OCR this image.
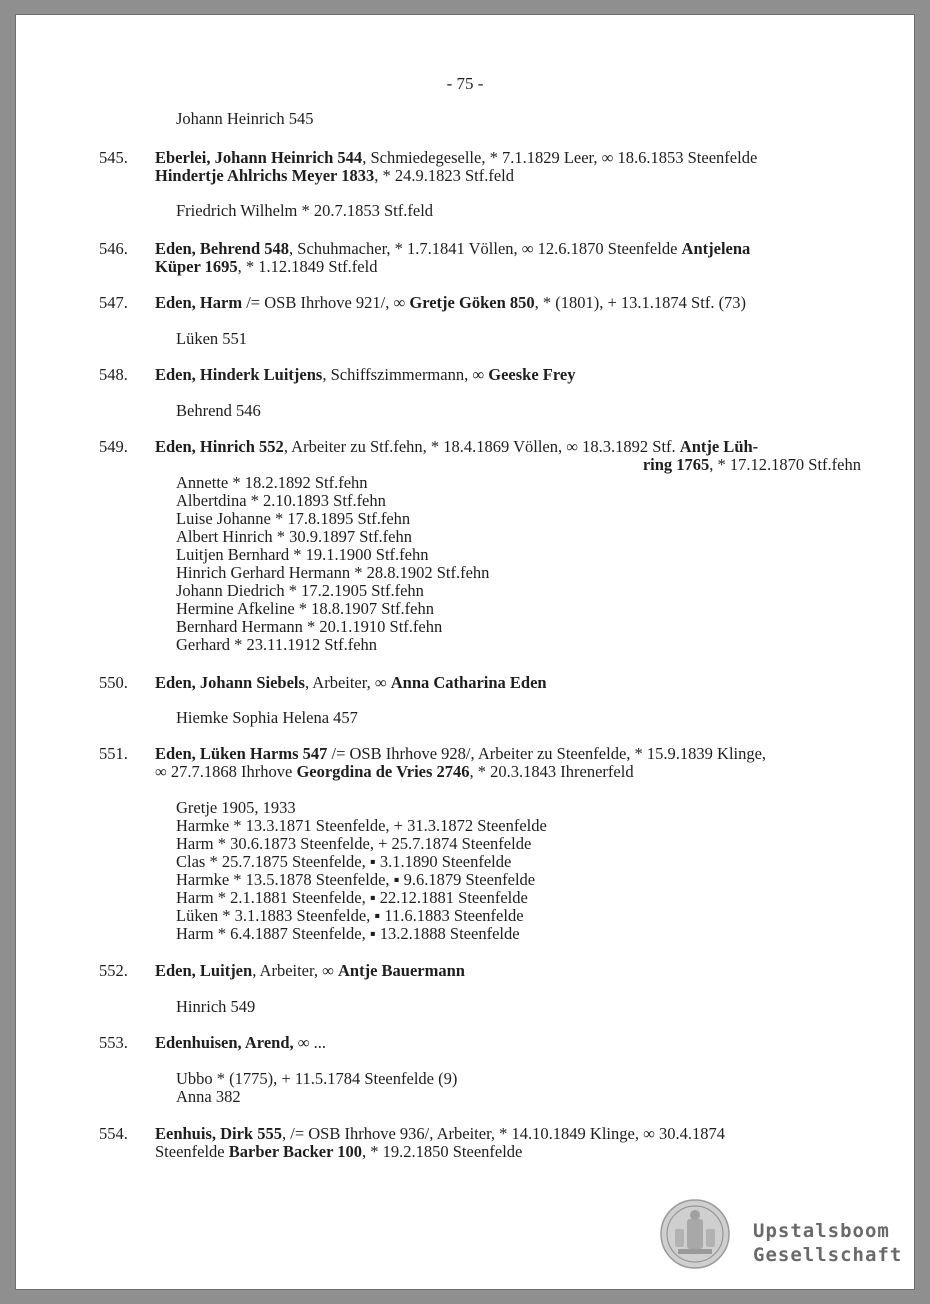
- 75 -
Johann Heinrich 545
545. Eberlei, Johann Heinrich 544, Schmiedegeselle, * 7.1.1829 Leer, ∞ 18.6.1853 Steenfelde
Hindertje Ahlrichs Meyer 1833, * 24.9.1823 Stf.feld
Friedrich Wilhelm * 20.7.1853 Stf.feld
546. Eden, Behrend 548, Schuhmacher, * 1.7.1841 Völlen, ∞ 12.6.1870 Steenfelde Antjelena
Küper 1695, * 1.12.1849 Stf.feld
547. Eden, Harm /= OSB Ihrhove 921/, ∞ Gretje Göken 850, * (1801), + 13.1.1874 Stf. (73)
Lüken 551
548. Eden, Hinderk Luitjens, Schiffszimmermann, ∞ Geeske Frey
Behrend 546
549. Eden, Hinrich 552, Arbeiter zu Stf.fehn, * 18.4.1869 Völlen, ∞ 18.3.1892 Stf. Antje Lüh-
ring 1765, * 17.12.1870 Stf.fehn
Annette * 18.2.1892 Stf.fehn
Albertdina * 2.10.1893 Stf.fehn
Luise Johanne * 17.8.1895 Stf.fehn
Albert Hinrich * 30.9.1897 Stf.fehn
Luitjen Bernhard * 19.1.1900 Stf.fehn
Hinrich Gerhard Hermann * 28.8.1902 Stf.fehn
Johann Diedrich * 17.2.1905 Stf.fehn
Hermine Afkeline * 18.8.1907 Stf.fehn
Bernhard Hermann * 20.1.1910 Stf.fehn
Gerhard * 23.11.1912 Stf.fehn
550. Eden, Johann Siebels, Arbeiter, ∞ Anna Catharina Eden
Hiemke Sophia Helena 457
551. Eden, Lüken Harms 547 /= OSB Ihrhove 928/, Arbeiter zu Steenfelde, * 15.9.1839 Klinge,
∞ 27.7.1868 Ihrhove Georgdina de Vries 2746, * 20.3.1843 Ihrenerfeld
Gretje 1905, 1933
Harmke * 13.3.1871 Steenfelde, + 31.3.1872 Steenfelde
Harm * 30.6.1873 Steenfelde, + 25.7.1874 Steenfelde
Clas * 25.7.1875 Steenfelde, ▪ 3.1.1890 Steenfelde
Harmke * 13.5.1878 Steenfelde, ▪ 9.6.1879 Steenfelde
Harm * 2.1.1881 Steenfelde, ▪ 22.12.1881 Steenfelde
Lüken * 3.1.1883 Steenfelde, ▪ 11.6.1883 Steenfelde
Harm * 6.4.1887 Steenfelde, ▪ 13.2.1888 Steenfelde
552. Eden, Luitjen, Arbeiter, ∞ Antje Bauermann
Hinrich 549
553. Edenhuisen, Arend, ∞ ...
Ubbo * (1775), + 11.5.1784 Steenfelde (9)
Anna 382
554. Eenhuis, Dirk 555, /= OSB Ihrhove 936/, Arbeiter, * 14.10.1849 Klinge, ∞ 30.4.1874
Steenfelde Barber Backer 100, * 19.2.1850 Steenfelde
Upstalsboom
Gesellschaft
